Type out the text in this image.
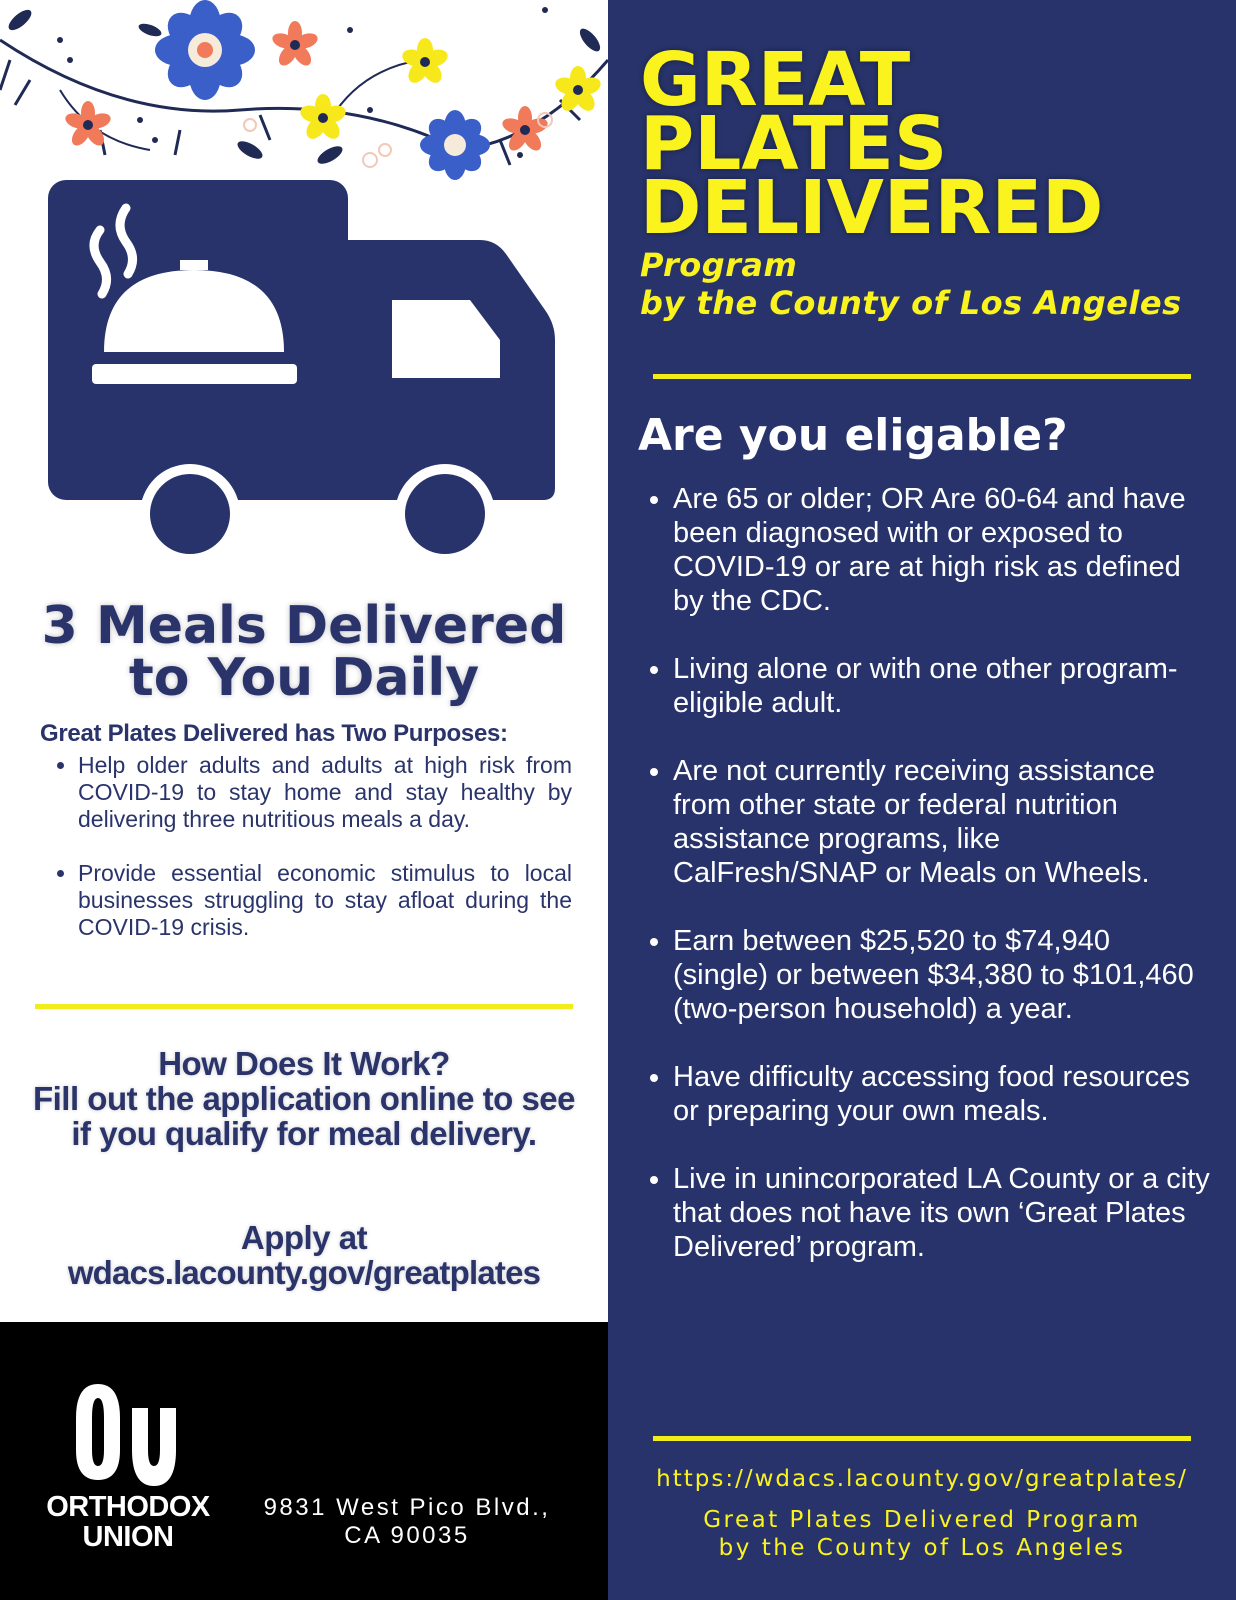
3 Meals Delivered
to You Daily
Great Plates Delivered has Two Purposes:
• Help older adults and adults at high risk from COVID-19 to stay home and stay healthy by delivering three nutritious meals a day.
• Provide essential economic stimulus to local businesses struggling to stay afloat during the COVID-19 crisis.
How Does It Work?
Fill out the application online to see if you qualify for meal delivery.
Apply at
wdacs.lacounty.gov/greatplates
ORTHODOX
UNION
9831 West Pico Blvd.,
CA 90035
GREAT
PLATES
DELIVERED
Program
by the County of Los Angeles
Are you eligable?
• Are 65 or older; OR Are 60-64 and have been diagnosed with or exposed to COVID-19 or are at high risk as defined by the CDC.
• Living alone or with one other program-eligible adult.
• Are not currently receiving assistance from other state or federal nutrition assistance programs, like CalFresh/SNAP or Meals on Wheels.
• Earn between $25,520 to $74,940 (single) or between $34,380 to $101,460 (two-person household) a year.
• Have difficulty accessing food resources or preparing your own meals.
• Live in unincorporated LA County or a city that does not have its own ‘Great Plates Delivered’ program.
https://wdacs.lacounty.gov/greatplates/
Great Plates Delivered Program
by the County of Los Angeles
